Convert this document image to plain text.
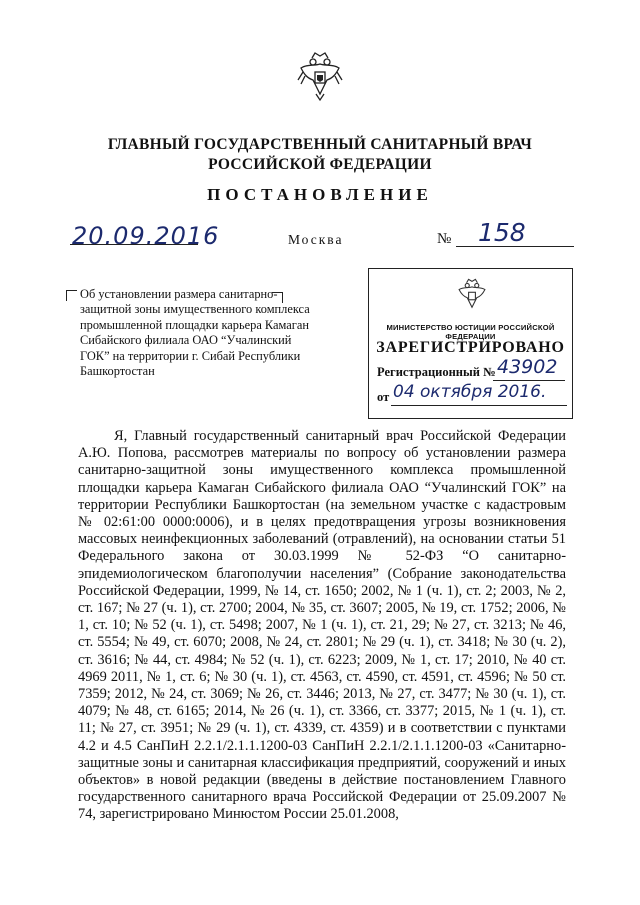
ГЛАВНЫЙ ГОСУДАРСТВЕННЫЙ САНИТАРНЫЙ ВРАЧ
РОССИЙСКОЙ ФЕДЕРАЦИИ
ПОСТАНОВЛЕНИЕ
20.09.2016	Москва	№ 158
Об установлении размера санитарно-защитной зоны имущественного комплекса промышленной площадки карьера Камаган Сибайского филиала ОАО “Учалинский ГОК” на территории г. Сибай Республики Башкортостан
МИНИСТЕРСТВО ЮСТИЦИИ РОССИЙСКОЙ ФЕДЕРАЦИИ
ЗАРЕГИСТРИРОВАНО
Регистрационный № 43902
от 04 октября 2016.

Я, Главный государственный санитарный врач Российской Федерации А.Ю. Попова, рассмотрев материалы по вопросу об установлении размера санитарно-защитной зоны имущественного комплекса промышленной площадки карьера Камаган Сибайского филиала ОАО “Учалинский ГОК” на территории Республики Башкортостан (на земельном участке с кадастровым № 02:61:00 0000:0006), и в целях предотвращения угрозы возникновения массовых неинфекционных заболеваний (отравлений), на основании статьи 51 Федерального закона от 30.03.1999 № 52-ФЗ “О санитарно-эпидемиологическом благополучии населения” (Собрание законодательства Российской Федерации, 1999, № 14, ст. 1650; 2002, № 1 (ч. 1), ст. 2; 2003, № 2, ст. 167; № 27 (ч. 1), ст. 2700; 2004, № 35, ст. 3607; 2005, № 19, ст. 1752; 2006, № 1, ст. 10; № 52 (ч. 1), ст. 5498; 2007, № 1 (ч. 1), ст. 21, 29; № 27, ст. 3213; № 46, ст. 5554; № 49, ст. 6070; 2008, № 24, ст. 2801; № 29 (ч. 1), ст. 3418; № 30 (ч. 2), ст. 3616; № 44, ст. 4984; № 52 (ч. 1), ст. 6223; 2009, № 1, ст. 17; 2010, № 40 ст. 4969 2011, № 1, ст. 6; № 30 (ч. 1), ст. 4563, ст. 4590, ст. 4591, ст. 4596; № 50 ст. 7359; 2012, № 24, ст. 3069; № 26, ст. 3446; 2013, № 27, ст. 3477; № 30 (ч. 1), ст. 4079; № 48, ст. 6165; 2014, № 26 (ч. 1), ст. 3366, ст. 3377; 2015, № 1 (ч. 1), ст. 11; № 27, ст. 3951; № 29 (ч. 1), ст. 4339, ст. 4359) и в соответствии с пунктами 4.2 и 4.5 СанПиН 2.2.1/2.1.1.1200-03 СанПиН 2.2.1/2.1.1.1200-03 «Санитарно-защитные зоны и санитарная классификация предприятий, сооружений и иных объектов» в новой редакции (введены в действие постановлением Главного государственного санитарного врача Российской Федерации от 25.09.2007 № 74, зарегистрировано Минюстом России 25.01.2008,
